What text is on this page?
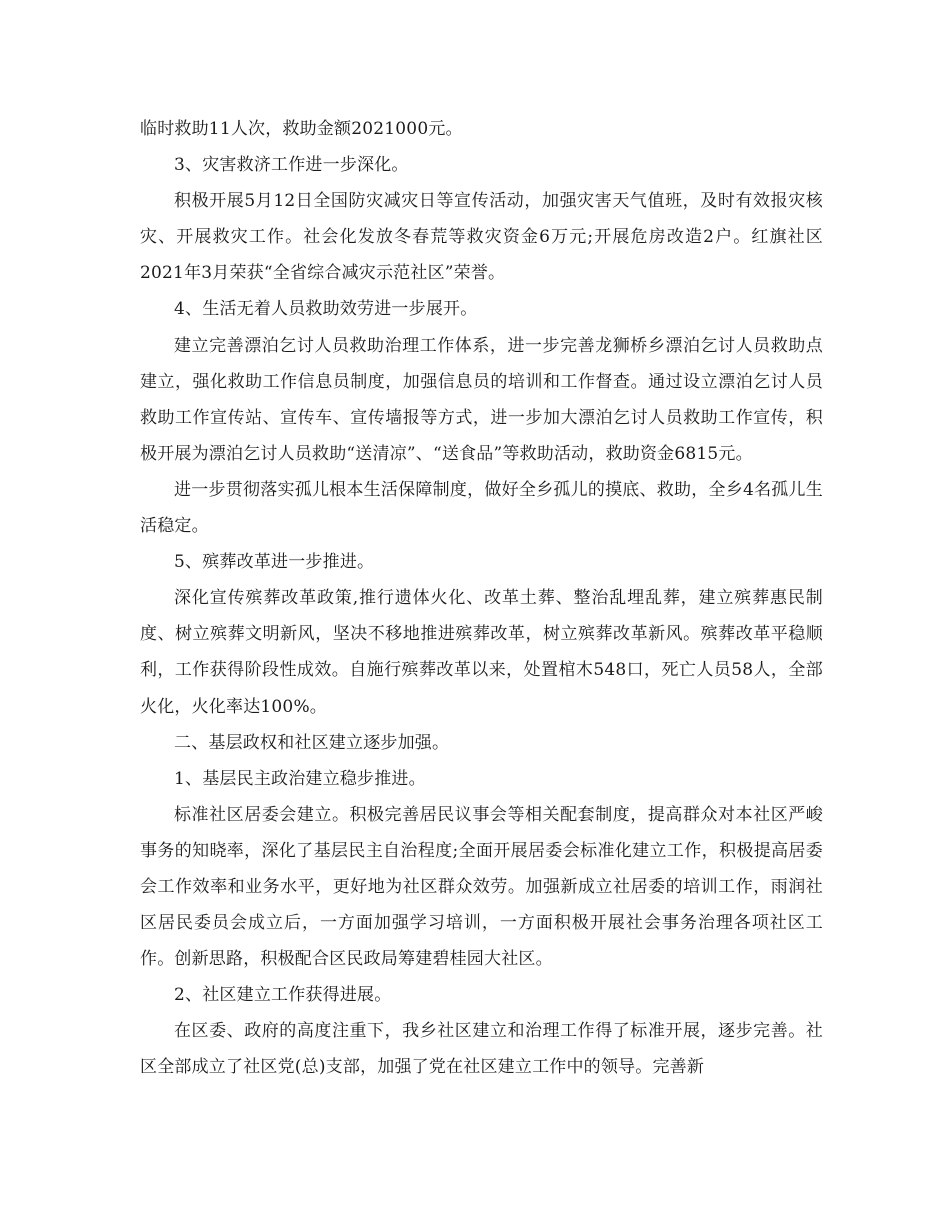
临时救助11人次，救助金额2021000元。

3、灾害救济工作进一步深化。

积极开展5月12日全国防灾减灾日等宣传活动，加强灾害天气值班，及时有效报灾核灾、开展救灾工作。社会化发放冬春荒等救灾资金6万元;开展危房改造2户。红旗社区2021年3月荣获“全省综合减灾示范社区”荣誉。

4、生活无着人员救助效劳进一步展开。

建立完善漂泊乞讨人员救助治理工作体系，进一步完善龙狮桥乡漂泊乞讨人员救助点建立，强化救助工作信息员制度，加强信息员的培训和工作督查。通过设立漂泊乞讨人员救助工作宣传站、宣传车、宣传墙报等方式，进一步加大漂泊乞讨人员救助工作宣传，积极开展为漂泊乞讨人员救助“送清凉”、“送食品”等救助活动，救助资金6815元。

进一步贯彻落实孤儿根本生活保障制度，做好全乡孤儿的摸底、救助，全乡4名孤儿生活稳定。

5、殡葬改革进一步推进。

深化宣传殡葬改革政策,推行遗体火化、改革土葬、整治乱埋乱葬，建立殡葬惠民制度、树立殡葬文明新风，坚决不移地推进殡葬改革，树立殡葬改革新风。殡葬改革平稳顺利，工作获得阶段性成效。自施行殡葬改革以来，处置棺木548口，死亡人员58人，全部火化，火化率达100%。

二、基层政权和社区建立逐步加强。

1、基层民主政治建立稳步推进。

标准社区居委会建立。积极完善居民议事会等相关配套制度，提高群众对本社区严峻事务的知晓率，深化了基层民主自治程度;全面开展居委会标准化建立工作，积极提高居委会工作效率和业务水平，更好地为社区群众效劳。加强新成立社居委的培训工作，雨润社区居民委员会成立后，一方面加强学习培训，一方面积极开展社会事务治理各项社区工作。创新思路，积极配合区民政局筹建碧桂园大社区。

2、社区建立工作获得进展。

在区委、政府的高度注重下，我乡社区建立和治理工作得了标准开展，逐步完善。社区全部成立了社区党(总)支部，加强了党在社区建立工作中的领导。完善新
